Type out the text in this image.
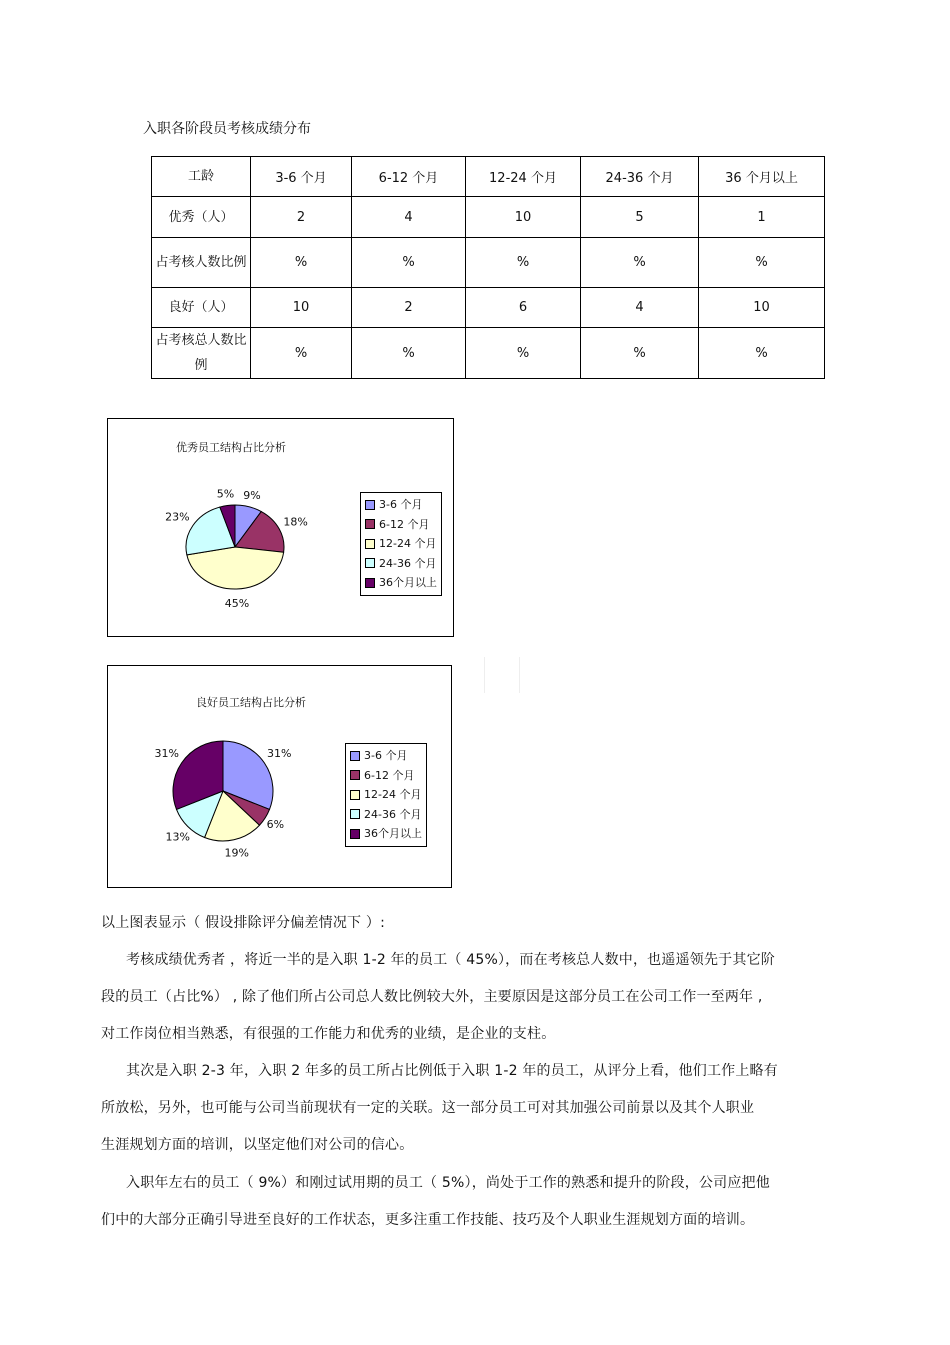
入职各阶段员考核成绩分布
工龄	3-6 个月	6-12 个月	12-24 个月	24-36 个月	36 个月以上
优秀（人）	2	4	10	5	1
占考核人数比例	%	%	%	%	%
良好（人）	10	2	6	4	10
占考核总人数比例	%	%	%	%	%
优秀员工结构占比分析
9%
18%
45%
23%
5%
3-6 个月
6-12 个月
12-24 个月
24-36 个月
36个月以上
良好员工结构占比分析
31%
6%
19%
13%
31%	3-6 个月
6-12 个月
12-24 个月
24-36 个月
36个月以上
以上图表显示（ 假设排除评分偏差情况下 ）:
考核成绩优秀者 ，将近一半的是入职 1-2 年的员工（ 45%），而在考核总人数中，也遥遥领先于其它阶
段的员工（占比%） , 除了他们所占公司总人数比例较大外，主要原因是这部分员工在公司工作一至两年 ,
对工作岗位相当熟悉，有很强的工作能力和优秀的业绩，是企业的支柱。
其次是入职 2-3 年，入职 2 年多的员工所占比例低于入职 1-2 年的员工，从评分上看，他们工作上略有
所放松，另外，也可能与公司当前现状有一定的关联。这一部分员工可对其加强公司前景以及其个人职业
生涯规划方面的培训，以坚定他们对公司的信心。
入职年左右的员工（ 9%）和刚过试用期的员工（ 5%），尚处于工作的熟悉和提升的阶段，公司应把他
们中的大部分正确引导进至良好的工作状态，更多注重工作技能、技巧及个人职业生涯规划方面的培训。
